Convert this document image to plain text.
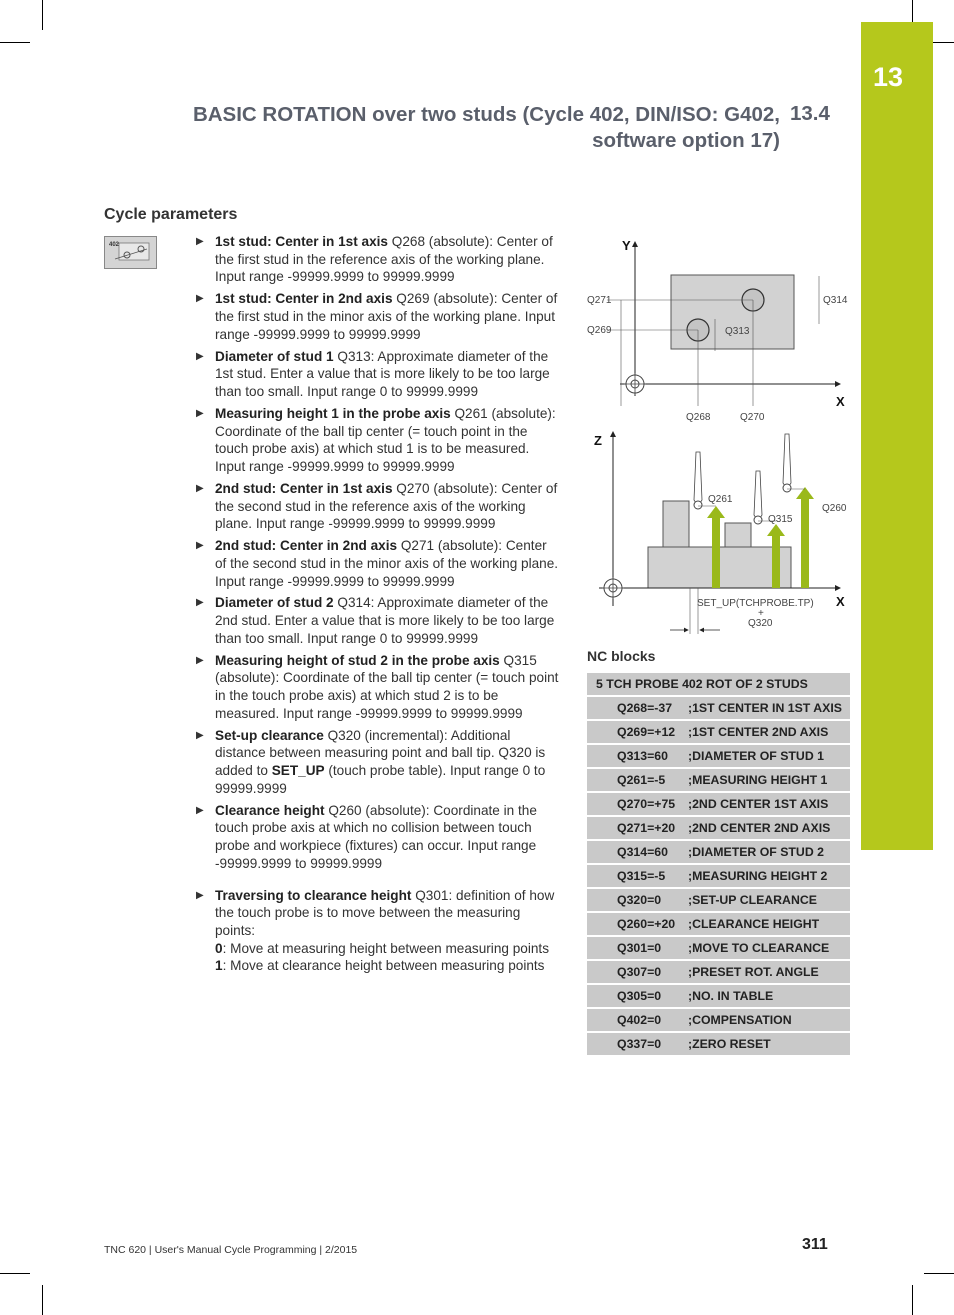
13
BASIC ROTATION over two studs (Cycle 402, DIN/ISO: G402,
software option 17)
13.4
Cycle parameters
402	▶ 1st stud: Center in 1st axis Q268 (absolute): Center of the first stud in the reference axis of the working plane. Input range -99999.9999 to 99999.9999
▶ 1st stud: Center in 2nd axis Q269 (absolute): Center of the first stud in the minor axis of the working plane. Input range -99999.9999 to 99999.9999
▶ Diameter of stud 1 Q313: Approximate diameter of the 1st stud. Enter a value that is more likely to be too large than too small. Input range 0 to 99999.9999
▶ Measuring height 1 in the probe axis Q261 (absolute): Coordinate of the ball tip center (= touch point in the touch probe axis) at which stud 1 is to be measured. Input range -99999.9999 to 99999.9999
▶ 2nd stud: Center in 1st axis Q270 (absolute): Center of the second stud in the reference axis of the working plane. Input range -99999.9999 to 99999.9999
▶ 2nd stud: Center in 2nd axis Q271 (absolute): Center of the second stud in the minor axis of the working plane. Input range -99999.9999 to 99999.9999
▶ Diameter of stud 2 Q314: Approximate diameter of the 2nd stud. Enter a value that is more likely to be too large than too small. Input range 0 to 99999.9999
▶ Measuring height of stud 2 in the probe axis Q315 (absolute): Coordinate of the ball tip center (= touch point in the touch probe axis) at which stud 2 is to be measured. Input range -99999.9999 to 99999.9999
▶ Set-up clearance Q320 (incremental): Additional distance between measuring point and ball tip. Q320 is added to SET_UP (touch probe table). Input range 0 to 99999.9999
▶ Clearance height Q260 (absolute): Coordinate in the touch probe axis at which no collision between touch probe and workpiece (fixtures) can occur. Input range -99999.9999 to 99999.9999
▶ Traversing to clearance height Q301: definition of how the touch probe is to move between the measuring points:
0: Move at measuring height between measuring points
1: Move at clearance height between measuring points
Y
X
Q271
Q269	Q313
Q314
Q268	Q270
Z
X
Q261
Q315
Q260
SET_UP(TCHPROBE.TP)
+
Q320
NC blocks
5 TCH PROBE 402 ROT OF 2 STUDS
Q268=-37	;1ST CENTER IN 1ST AXIS
Q269=+12	;1ST CENTER 2ND AXIS
Q313=60	;DIAMETER OF STUD 1
Q261=-5	;MEASURING HEIGHT 1
Q270=+75	;2ND CENTER 1ST AXIS
Q271=+20	;2ND CENTER 2ND AXIS
Q314=60	;DIAMETER OF STUD 2
Q315=-5	;MEASURING HEIGHT 2
Q320=0	;SET-UP CLEARANCE
Q260=+20	;CLEARANCE HEIGHT
Q301=0	;MOVE TO CLEARANCE
Q307=0	;PRESET ROT. ANGLE
Q305=0	;NO. IN TABLE
Q402=0	;COMPENSATION
Q337=0	;ZERO RESET
TNC 620 | User's Manual Cycle Programming | 2/2015	311
